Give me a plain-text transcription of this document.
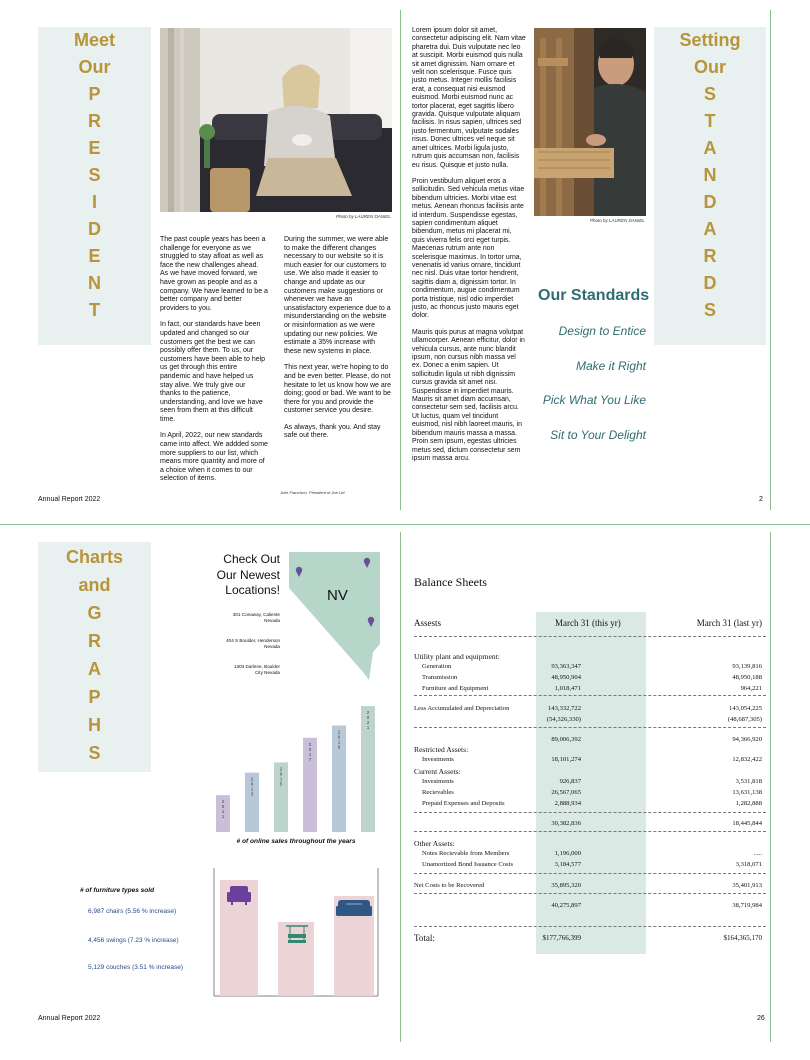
Meet
Our
P
R
E
S
I
D
E
N
T
Photo by LAUREN DANIEL

The past couple years has been a challenge for everyone as we struggled to stay afloat as well as face the new challenges ahead. As we have moved forward, we have grown as people and as a company. We have learned to be a better company and better providers to you.

In fact, our standards have been updated and changed so our customers get the best we can possibly offer them. To us, our customers have been able to help us get through this entire pandemic and have helped us stay alive. We truly give our thanks to the patience, understanding, and love we have seen from them at this difficult time.

In April, 2022, our new standards came into affect. We addded some more suppliers to our list, which means more quantity and more of a choice when it comes to our selection of items.

During the summer, we were able to make the different changes necessary to our website so it is much easier for our customers to use. We also made it easier to change and update as our customers make suggestions or whenever we have an unsatisfactory experience due to a misunderstanding on the website or misinformation as we were updating our new policies. We estimate a 35% increase with these new systems in place.

This next year, we're hoping to do and be even better. Please, do not hesitate to let us know how we are doing; good or bad. We want to be there for you and provide the customer service you desire.

As always, thank you. And stay safe out there.

Julie Francisco, President of Joe Ltd
Annual Report 2022	2

Lorem ipsum dolor sit amet, consectetur adipiscing elit. Nam vitae pharetra dui. Duis vulputate nec leo at suscipit. Morbi euismod quis nulla sit amet dignissim. Nam ornare et velit non scelerisque. Fusce quis justo metus. Integer mollis facilisis erat, a consequat nisi euismod euismod. Morbi euismod nunc ac tortor placerat, eget sagittis libero gravida. Quisque vulputate aliquam facilisis. In risus sapien, ultrices sed justo fermentum, vulputate sodales risus. Donec ultrices vel neque sit amet ultrices. Morbi ligula justo, rutrum quis accumsan non, facilisis eu risus. Quisque et justo nulla.

Proin vestibulum aliquet eros a sollicitudin. Sed vehicula metus vitae bibendum ultricies. Morbi vitae est metus. Aenean rhoncus facilisis ante id interdum. Suspendisse egestas, sapien condimentum aliquet bibendum, metus mi placerat mi, quis viverra felis orci eget turpis. Maecenas rutrum ante non scelerisque maximus. In tortor urna, venenatis id varius ornare, tincidunt nec nisl. Duis vitae tortor hendrerit, sagittis diam a, dignissim tortor. In condimentum, augue condimentum porta tristique, nisl odio imperdiet justo, ac rhoncus justo mauris eget dolor.

Mauris quis purus at magna volutpat ullamcorper. Aenean efficitur, dolor in vehicula cursus, ante nunc blandit ipsum, non cursus nibh massa vel ex. Donec a enim sapien. Ut sollicitudin ligula ut nibh dignissim cursus gravida sit amet nisi. Suspendisse in imperdiet mauris. Mauris sit amet diam accumsan, consectetur sem sed, facilisis arcu. Ut luctus, quam vel tincidunt euismod, nisl nibh laoreet mauris, in bibendum mauris massa a massa. Proin sem ipsum, egestas ultricies metus sed, dictum consectetur sem ipsum massa arcu.

Photo by LAUREN DANIEL
Setting
Our
S
T
A
N
D
A
R
D
S
Our Standards
Design to Entice
Make it Right
Pick What You Like
Sit to Your Delight
Charts
and
G
R
A
P
H
S
Check Out
Our Newest
Locations!

301 Conaway, Caliente
Nevada

404 S Boulder, Henderson
Nevada

1303 Darlene, Boulder
City Nevada

NV
2 0 1 1
2 0 1 3
2 0 1 5
2 0 1 7
2 0 1 9
2 0 2 1
# of online sales throughout the years
# of furniture types sold
6,987 chairs (5.56 % increase)
4,456 swings (7.23 % increase)
5,129 couches (3.51 % increase)
Annual Report 2022	26
Balance Sheets
Assests	March 31 (this yr)	March 31 (last yr)
Utility plant and equipment:
Generation	93,363,347	93,139,816
Transmission	48,950,904	48,950,188
Furniture and Equipment	1,018,471	964,221
Less Accumulated and Depreciation	143,332,722	143,054,225
(54,326,330)	(48,687,305)
89,006,392	94,366,920
Restricted Assets:
Investments	18,101,274	12,832,422
Current Assets:
Investments	926,837	3,531,818
Recievables	26,567,065	13,631,138
Prepaid Expenses and Deposits	2,888,934	1,282,888
30,382,836	18,445,844
Other Assets:
Notes Recievable from Members	1,196,000	.....
Unamortized Bond Issuance Costs	3,184,577	3,318,071
Net Costs to be Recovered	35,895,320	35,401,913
40,275,897	38,719,984
Total:	$177,766,399	$164,365,170
